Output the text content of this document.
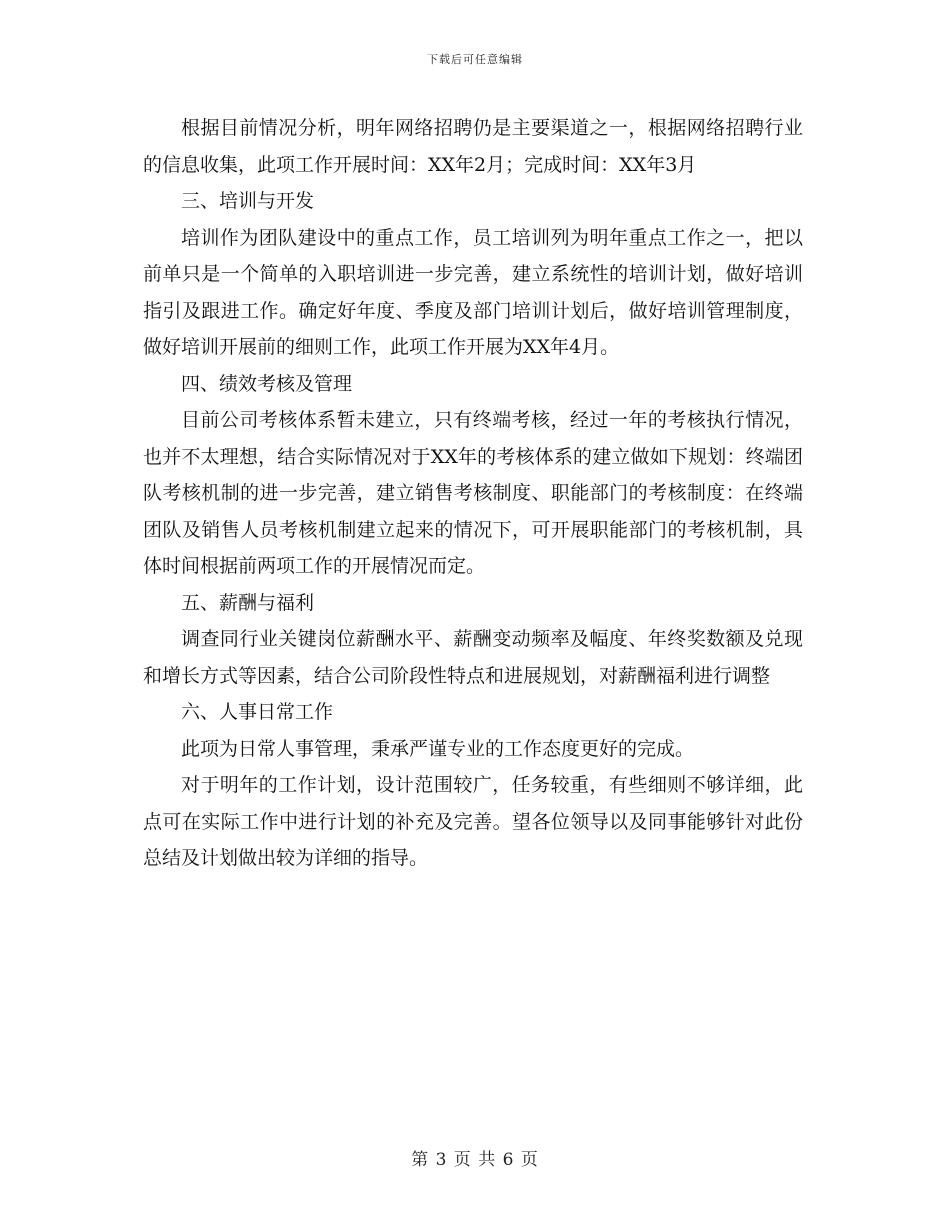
下载后可任意编辑

根据目前情况分析，明年网络招聘仍是主要渠道之一，根据网络招聘行业的信息收集，此项工作开展时间：XX年2月；完成时间：XX年3月

三、培训与开发

培训作为团队建设中的重点工作，员工培训列为明年重点工作之一，把以前单只是一个简单的入职培训进一步完善，建立系统性的培训计划，做好培训指引及跟进工作。确定好年度、季度及部门培训计划后，做好培训管理制度，做好培训开展前的细则工作，此项工作开展为XX年4月。

四、绩效考核及管理

目前公司考核体系暂未建立，只有终端考核，经过一年的考核执行情况，也并不太理想，结合实际情况对于XX年的考核体系的建立做如下规划：终端团队考核机制的进一步完善，建立销售考核制度、职能部门的考核制度：在终端团队及销售人员考核机制建立起来的情况下，可开展职能部门的考核机制，具体时间根据前两项工作的开展情况而定。

五、薪酬与福利

调查同行业关键岗位薪酬水平、薪酬变动频率及幅度、年终奖数额及兑现和增长方式等因素，结合公司阶段性特点和进展规划，对薪酬福利进行调整

六、人事日常工作

此项为日常人事管理，秉承严谨专业的工作态度更好的完成。

对于明年的工作计划，设计范围较广，任务较重，有些细则不够详细，此点可在实际工作中进行计划的补充及完善。望各位领导以及同事能够针对此份总结及计划做出较为详细的指导。

第 3 页 共 6 页
